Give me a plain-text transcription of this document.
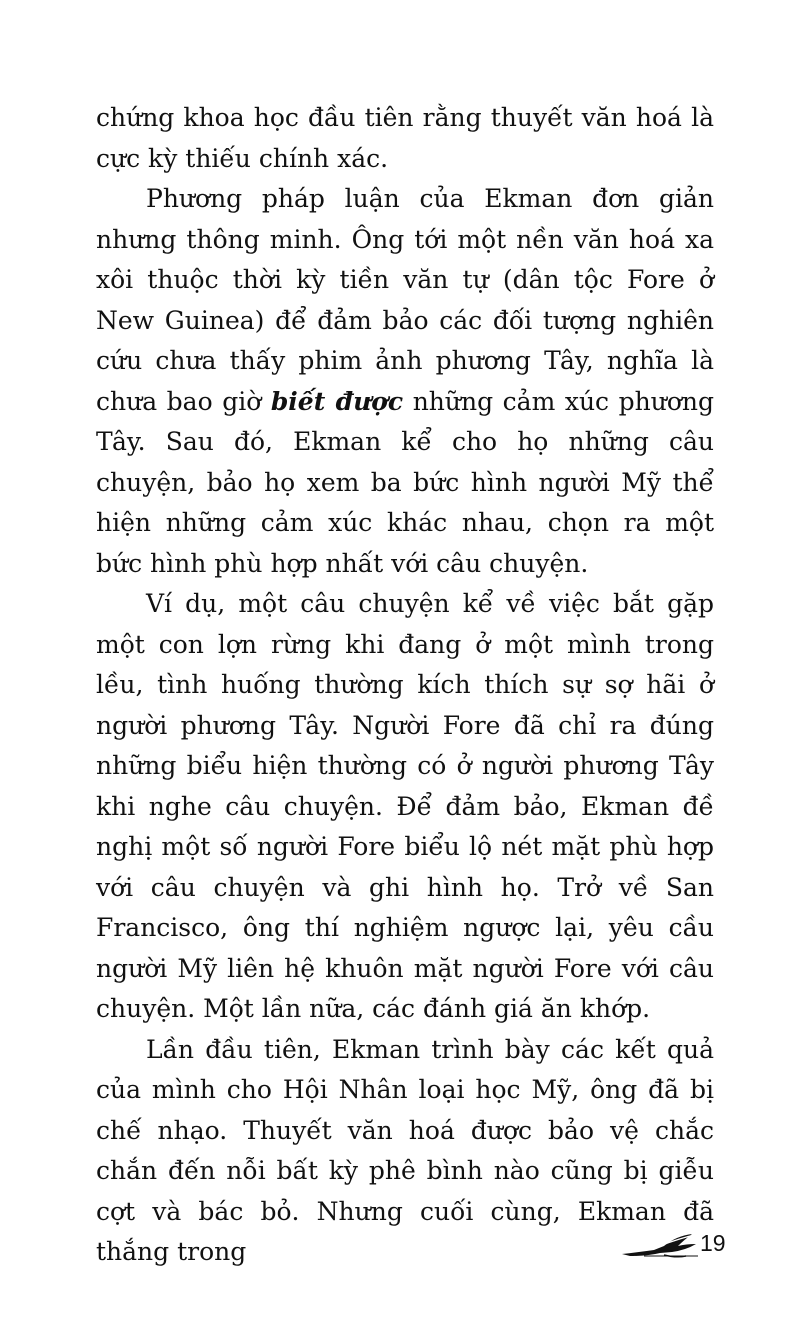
chứng khoa học đầu tiên rằng thuyết văn hoá là cực kỳ thiếu chính xác.

Phương pháp luận của Ekman đơn giản nhưng thông minh. Ông tới một nền văn hoá xa xôi thuộc thời kỳ tiền văn tự (dân tộc Fore ở New Guinea) để đảm bảo các đối tượng nghiên cứu chưa thấy phim ảnh phương Tây, nghĩa là chưa bao giờ biết được những cảm xúc phương Tây. Sau đó, Ekman kể cho họ những câu chuyện, bảo họ xem ba bức hình người Mỹ thể hiện những cảm xúc khác nhau, chọn ra một bức hình phù hợp nhất với câu chuyện.

Ví dụ, một câu chuyện kể về việc bắt gặp một con lợn rừng khi đang ở một mình trong lều, tình huống thường kích thích sự sợ hãi ở người phương Tây. Người Fore đã chỉ ra đúng những biểu hiện thường có ở người phương Tây khi nghe câu chuyện. Để đảm bảo, Ekman đề nghị một số người Fore biểu lộ nét mặt phù hợp với câu chuyện và ghi hình họ. Trở về San Francisco, ông thí nghiệm ngược lại, yêu cầu người Mỹ liên hệ khuôn mặt người Fore với câu chuyện. Một lần nữa, các đánh giá ăn khớp.

Lần đầu tiên, Ekman trình bày các kết quả của mình cho Hội Nhân loại học Mỹ, ông đã bị chế nhạo. Thuyết văn hoá được bảo vệ chắc chắn đến nỗi bất kỳ phê bình nào cũng bị giễu cợt và bác bỏ. Nhưng cuối cùng, Ekman đã thắng trong	19
